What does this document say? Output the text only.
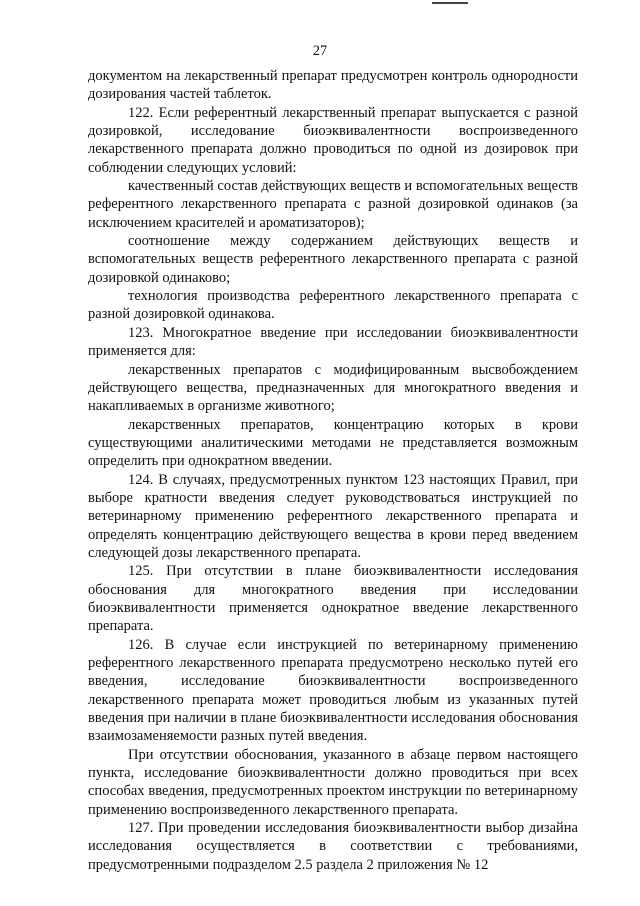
27

документом на лекарственный препарат предусмотрен контроль однородности дозирования частей таблеток.

122. Если референтный лекарственный препарат выпускается с разной дозировкой, исследование биоэквивалентности воспроизведенного лекарственного препарата должно проводиться по одной из дозировок при соблюдении следующих условий:

качественный состав действующих веществ и вспомогательных веществ референтного лекарственного препарата с разной дозировкой одинаков (за исключением красителей и ароматизаторов);

соотношение между содержанием действующих веществ и вспомогательных веществ референтного лекарственного препарата с разной дозировкой одинаково;

технология производства референтного лекарственного препарата с разной дозировкой одинакова.

123. Многократное введение при исследовании биоэквивалентности применяется для:

лекарственных препаратов с модифицированным высвобождением действующего вещества, предназначенных для многократного введения и накапливаемых в организме животного;

лекарственных препаратов, концентрацию которых в крови существующими аналитическими методами не представляется возможным определить при однократном введении.

124. В случаях, предусмотренных пунктом 123 настоящих Правил, при выборе кратности введения следует руководствоваться инструкцией по ветеринарному применению референтного лекарственного препарата и определять концентрацию действующего вещества в крови перед введением следующей дозы лекарственного препарата.

125. При отсутствии в плане биоэквивалентности исследования обоснования для многократного введения при исследовании биоэквивалентности применяется однократное введение лекарственного препарата.

126. В случае если инструкцией по ветеринарному применению референтного лекарственного препарата предусмотрено несколько путей его введения, исследование биоэквивалентности воспроизведенного лекарственного препарата может проводиться любым из указанных путей введения при наличии в плане биоэквивалентности исследования обоснования взаимозаменяемости разных путей введения.

При отсутствии обоснования, указанного в абзаце первом настоящего пункта, исследование биоэквивалентности должно проводиться при всех способах введения, предусмотренных проектом инструкции по ветеринарному применению воспроизведенного лекарственного препарата.

127. При проведении исследования биоэквивалентности выбор дизайна исследования осуществляется в соответствии с требованиями, предусмотренными подразделом 2.5 раздела 2 приложения № 12
